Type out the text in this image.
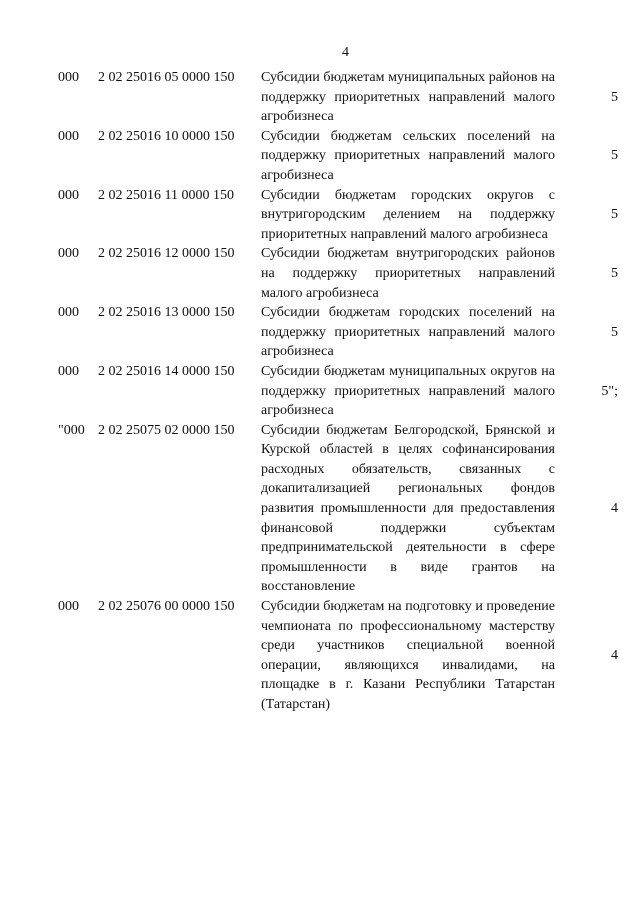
4
000	2 02 25016 05 0000 150	Субсидии бюджетам муниципальных районов на поддержку приоритетных направлений малого агробизнеса	5
000	2 02 25016 10 0000 150	Субсидии бюджетам сельских поселений на поддержку приоритетных направлений малого агробизнеса	5
000	2 02 25016 11 0000 150	Субсидии бюджетам городских округов с внутригородским делением на поддержку приоритетных направлений малого агробизнеса	5
000	2 02 25016 12 0000 150	Субсидии бюджетам внутригородских районов на поддержку приоритетных направлений малого агробизнеса	5
000	2 02 25016 13 0000 150	Субсидии бюджетам городских поселений на поддержку приоритетных направлений малого агробизнеса	5
000	2 02 25016 14 0000 150	Субсидии бюджетам муниципальных округов на поддержку приоритетных направлений малого агробизнеса	5";
"000	2 02 25075 02 0000 150	Субсидии бюджетам Белгородской, Брянской и Курской областей в целях софинансирования расходных обязательств, связанных с докапитализацией региональных фондов развития промышленности для предоставления финансовой поддержки субъектам предпринимательской деятельности в сфере промышленности в виде грантов на восстановление	4
000	2 02 25076 00 0000 150	Субсидии бюджетам на подготовку и проведение чемпионата по профессиональному мастерству среди участников специальной военной операции, являющихся инвалидами, на площадке в г. Казани Республики Татарстан (Татарстан)	4
